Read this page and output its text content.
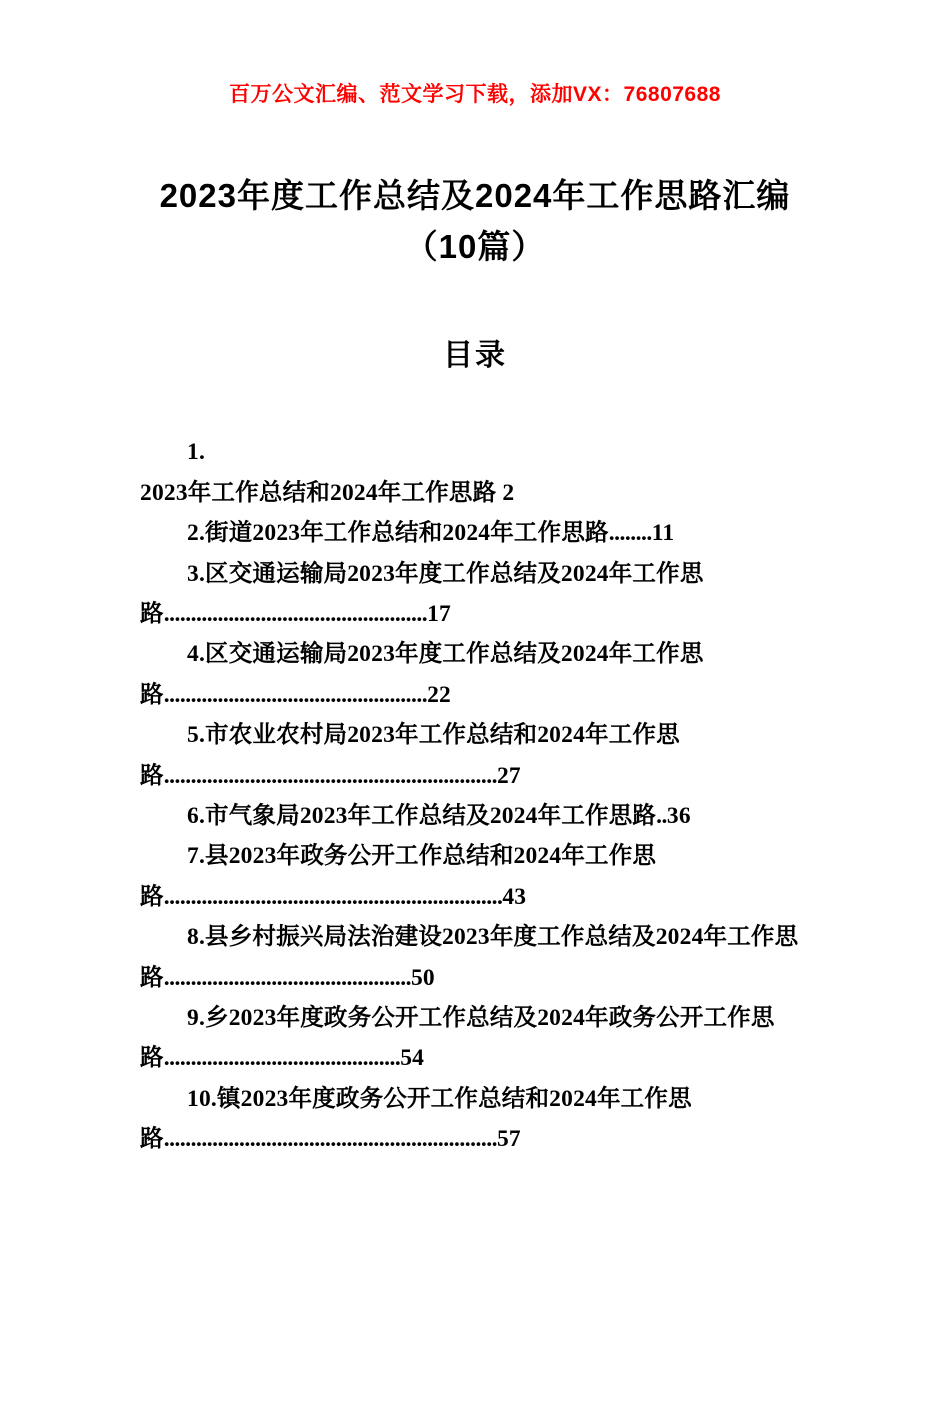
百万公文汇编、范文学习下载，添加VX：76807688
2023年度工作总结及2024年工作思路汇编
（10篇）
目录

1.
2023年工作总结和2024年工作思路 2

2.街道2023年工作总结和2024年工作思路........11

3.区交通运输局2023年度工作总结及2024年工作思路.................................................17

4.区交通运输局2023年度工作总结及2024年工作思路.................................................22

5.市农业农村局2023年工作总结和2024年工作思路..............................................................27

6.市气象局2023年工作总结及2024年工作思路..36

7.县2023年政务公开工作总结和2024年工作思路...............................................................43

8.县乡村振兴局法治建设2023年度工作总结及2024年工作思路..............................................50

9.乡2023年度政务公开工作总结及2024年政务公开工作思路............................................54

10.镇2023年度政务公开工作总结和2024年工作思路..............................................................57
